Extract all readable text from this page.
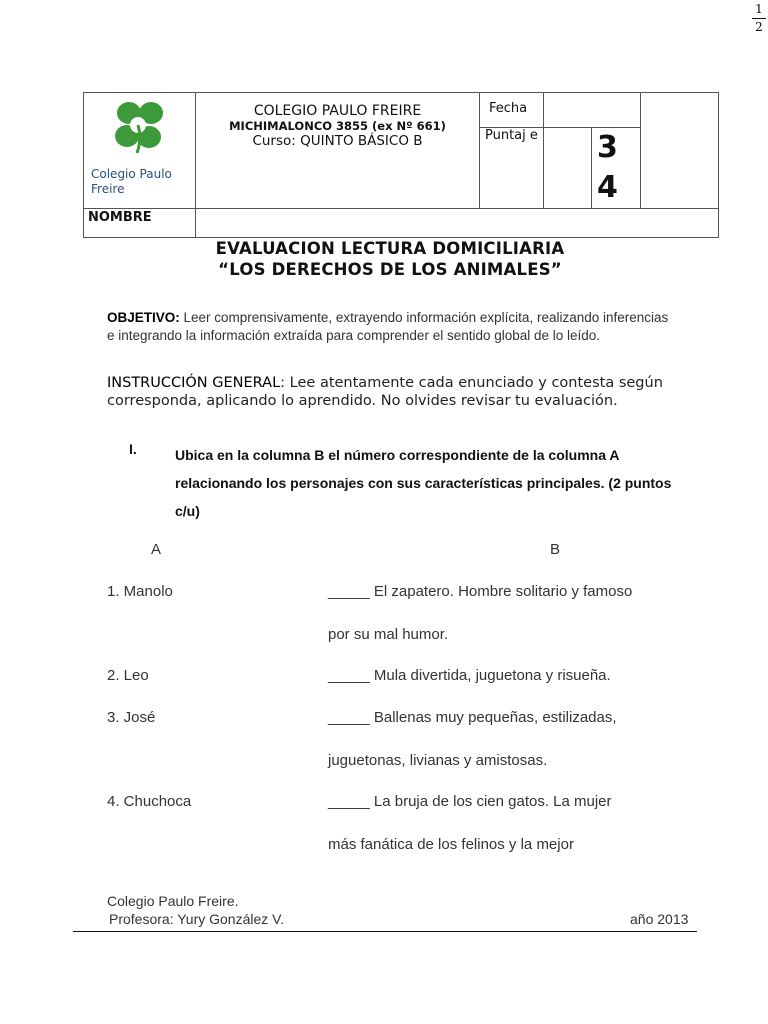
1
2
Colegio Paulo Freire	COLEGIO PAULO FREIRE
MICHIMALONCO 3855 (ex Nº 661)
Curso: QUINTO BÁSICO B	Fecha			
		Puntaj e		3 4	
NOMBRE					
EVALUACION LECTURA DOMICILIARIA
“LOS DERECHOS DE LOS ANIMALES”
OBJETIVO: Leer comprensivamente, extrayendo información explícita, realizando inferencias e integrando la información extraída para comprender el sentido global de lo leído.
INSTRUCCIÓN GENERAL: Lee atentamente cada enunciado y contesta según corresponda, aplicando lo aprendido. No olvides revisar tu evaluación.
I.	Ubica en la columna B el número correspondiente de la columna A relacionando los personajes con sus características principales. (2 puntos c/u)
A	B
1. Manolo	_____ El zapatero. Hombre solitario y famoso
por su mal humor.
2. Leo	_____ Mula divertida, juguetona y risueña.
3. José	_____ Ballenas muy pequeñas, estilizadas,
juguetonas, livianas y amistosas.
4. Chuchoca	_____ La bruja de los cien gatos. La mujer
más fanática de los felinos y la mejor
Colegio Paulo Freire.
Profesora: Yury González V.	año 2013
